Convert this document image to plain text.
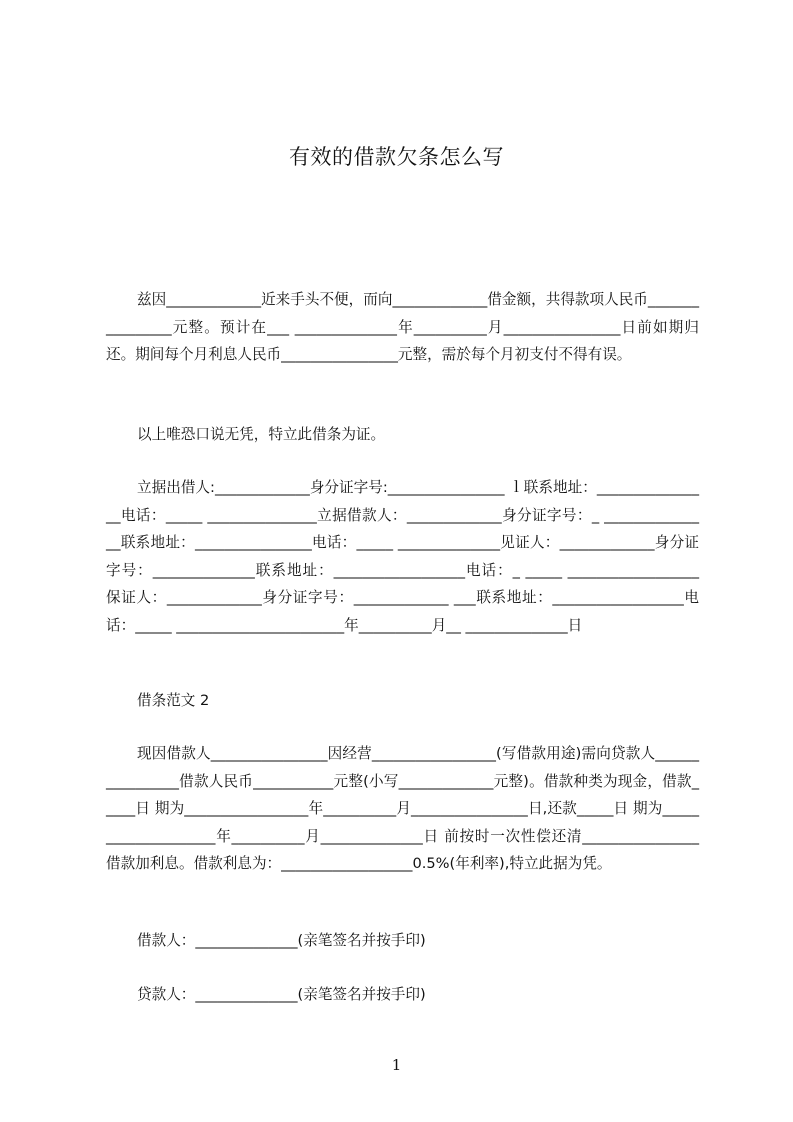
有效的借款欠条怎么写

兹因_____________近来手头不便，而向_____________借金额，共得款项人民币________________元整。预计在___ ______________年__________月________________日前如期归还。期间每个月利息人民币________________元整，需於每个月初支付不得有误。

以上唯恐口说无凭，特立此借条为证。

立据出借人:_____________身分证字号:________________ ｌ联系地址：________________电话：_____ _______________立据借款人：_____________身分证字号：_ _______________联系地址：________________电话：_____ ______________见证人：_____________身分证字号：______________联系地址：__________________电话：_ _____ __________________保证人：_____________身分证字号：_____________ ___联系地址：__________________电话：_____ _______________________年__________月__ ______________日

借条范文 2

现因借款人________________因经营_________________(写借款用途)需向贷款人________________借款人民币___________元整(小写_____________元整)。借款种类为现金，借款_____日 期为_________________年__________月________________日,还款_____日 期为____________________年__________月______________日 前按时一次性偿还清________________借款加利息。借款利息为：__________________0.5%(年利率),特立此据为凭。

借款人：______________(亲笔签名并按手印)

贷款人：______________(亲笔签名并按手印)

1
